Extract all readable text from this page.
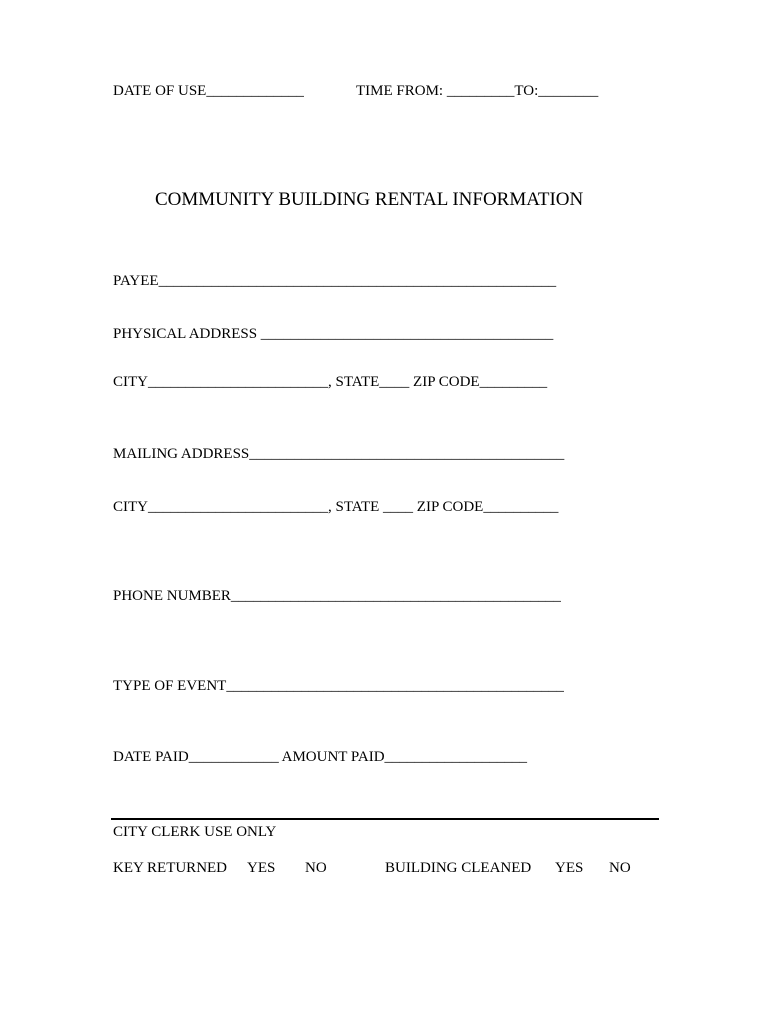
DATE OF USE_____________	TIME FROM: _________TO:________
COMMUNITY BUILDING RENTAL INFORMATION
PAYEE_____________________________________________________
PHYSICAL ADDRESS _______________________________________
CITY________________________, STATE____ ZIP CODE_________
MAILING ADDRESS__________________________________________
CITY________________________, STATE ____ ZIP CODE__________
PHONE NUMBER____________________________________________
TYPE OF EVENT_____________________________________________
DATE PAID____________ AMOUNT PAID___________________
CITY CLERK USE ONLY
KEY RETURNED YES NO	BUILDING CLEANED YES NO
